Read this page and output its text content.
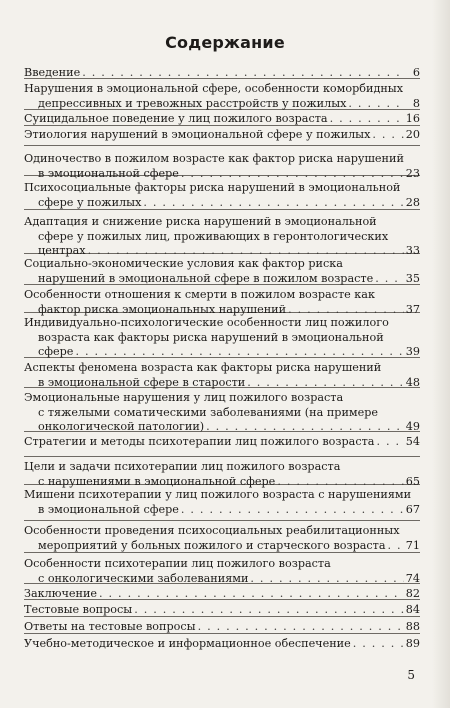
Содержание
Введение . . .	6
Нарушения в эмоциональной сфере, особенности коморбидных
депрессивных и тревожных расстройств у пожилых . . .	8
Суицидальное поведение у лиц пожилого возраста . . .	16
Этиология нарушений в эмоциональной сфере у пожилых . . .	20
Одиночество в пожилом возрасте как фактор риска нарушений
в эмоциональной сфере . . .	23
Психосоциальные факторы риска нарушений в эмоциональной
сфере у пожилых . . .	28
Адаптация и снижение риска нарушений в эмоциональной
сфере у пожилых лиц, проживающих в геронтологических
центрах . . .	33
Социально-экономические условия как фактор риска
нарушений в эмоциональной сфере в пожилом возрасте . . .	35
Особенности отношения к смерти в пожилом возрасте как
фактор риска эмоциональных нарушений . . .	37
Индивидуально-психологические особенности лиц пожилого
возраста как факторы риска нарушений в эмоциональной
сфере . . .	39
Аспекты феномена возраста как факторы риска нарушений
в эмоциональной сфере в старости . . .	48
Эмоциональные нарушения у лиц пожилого возраста
с тяжелыми соматическими заболеваниями (на примере
онкологической патологии) . . .	49
Стратегии и методы психотерапии лиц пожилого возраста . . .	54
Цели и задачи психотерапии лиц пожилого возраста
с нарушениями в эмоциональной сфере . . .	65
Мишени психотерапии у лиц пожилого возраста с нарушениями
в эмоциональной сфере . . .	67
Особенности проведения психосоциальных реабилитационных
мероприятий у больных пожилого и старческого возраста . . . 71
Особенности психотерапии лиц пожилого возраста
с онкологическими заболеваниями . . .	74
Заключение . . .	82
Тестовые вопросы . . .	84
Ответы на тестовые вопросы . . .	88
Учебно-методическое и информационное обеспечение . . .	89
5
